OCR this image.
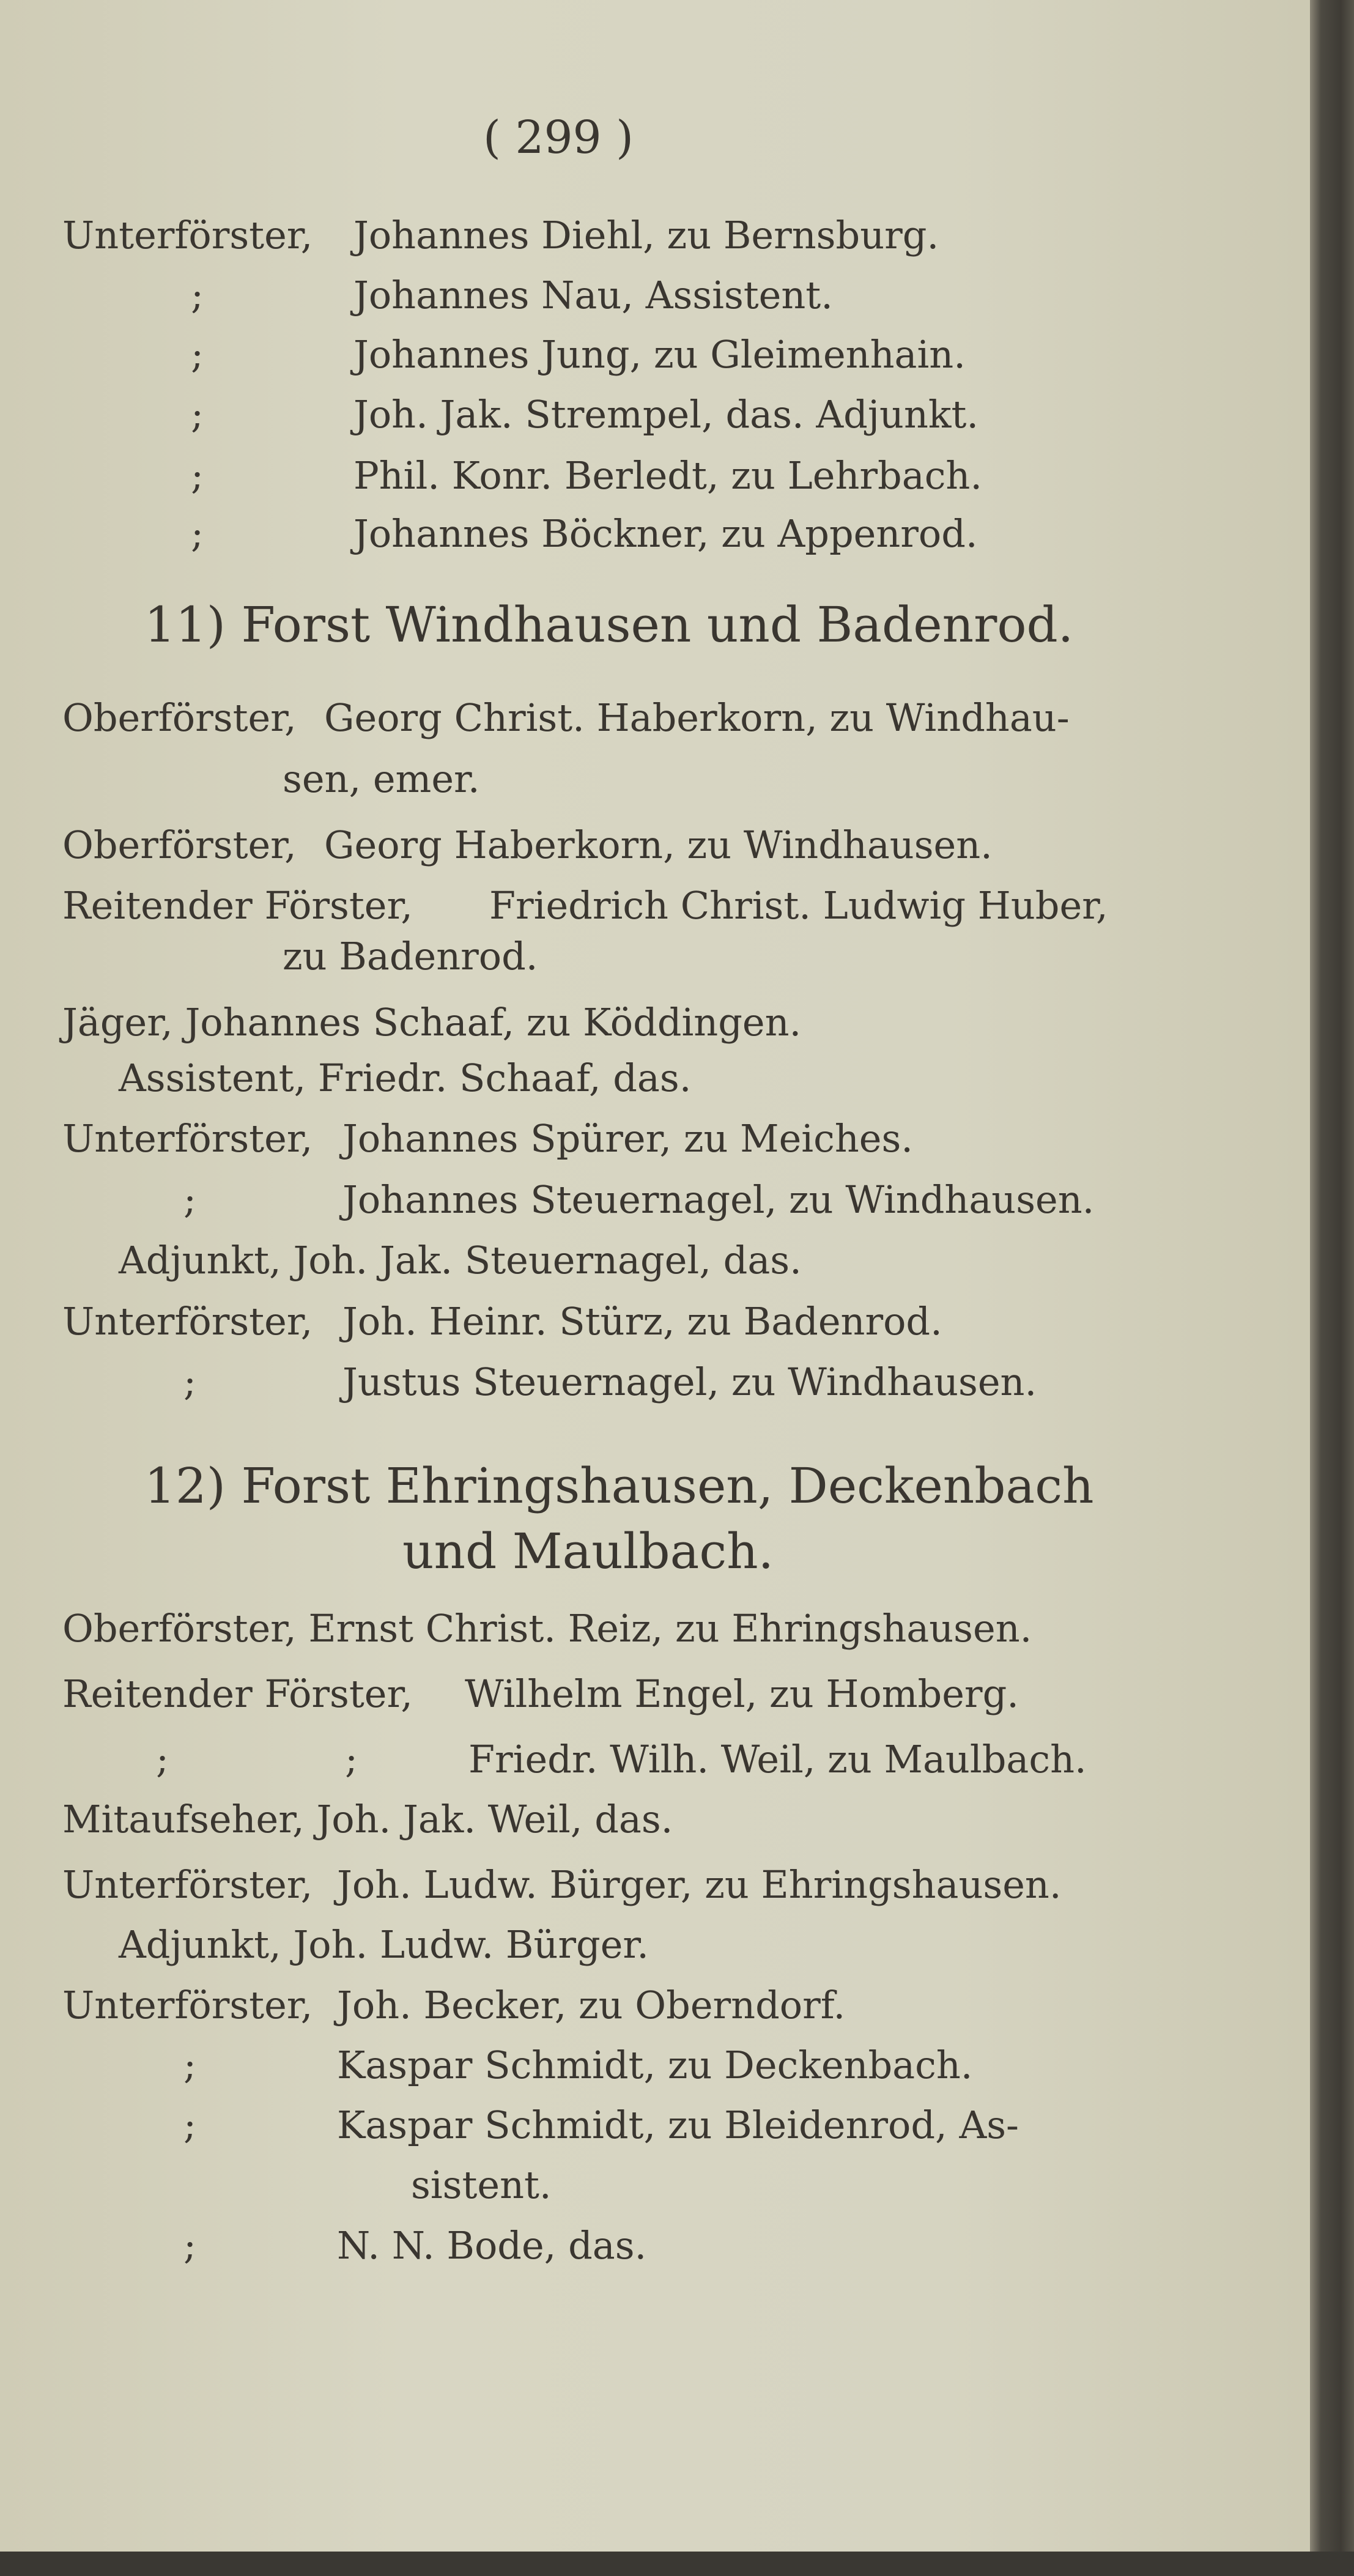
( 299 )
Unterförster, Johannes Diehl, zu Bernsburg.
;	Johannes Nau, Assistent.
;	Johannes Jung, zu Gleimenhain.
;	Joh. Jak. Strempel, das. Adjunkt.
;	Phil. Konr. Berledt, zu Lehrbach.
;	Johannes Böckner, zu Appenrod.
11) Forst Windhausen und Badenrod.
Oberförster, Georg Christ. Haberkorn, zu Windhau-
sen, emer.
Oberförster, Georg Haberkorn, zu Windhausen.
Reitender Förster, Friedrich Christ. Ludwig Huber,
zu Badenrod.
Jäger, Johannes Schaaf, zu Köddingen.
Assistent, Friedr. Schaaf, das.
Unterförster, Johannes Spürer, zu Meiches.
;	Johannes Steuernagel, zu Windhausen.
Adjunkt, Joh. Jak. Steuernagel, das.
Unterförster, Joh. Heinr. Stürz, zu Badenrod.
;	Justus Steuernagel, zu Windhausen.
12) Forst Ehringshausen, Deckenbach
und Maulbach.
Oberförster, Ernst Christ. Reiz, zu Ehringshausen.
Reitender Förster, Wilhelm Engel, zu Homberg.
;	;	Friedr. Wilh. Weil, zu Maulbach.
Mitaufseher, Joh. Jak. Weil, das.
Unterförster, Joh. Ludw. Bürger, zu Ehringshausen.
Adjunkt, Joh. Ludw. Bürger.
Unterförster, Joh. Becker, zu Oberndorf.
;	Kaspar Schmidt, zu Deckenbach.
;	Kaspar Schmidt, zu Bleidenrod, As-
sistent.
;	N. N. Bode, das.
